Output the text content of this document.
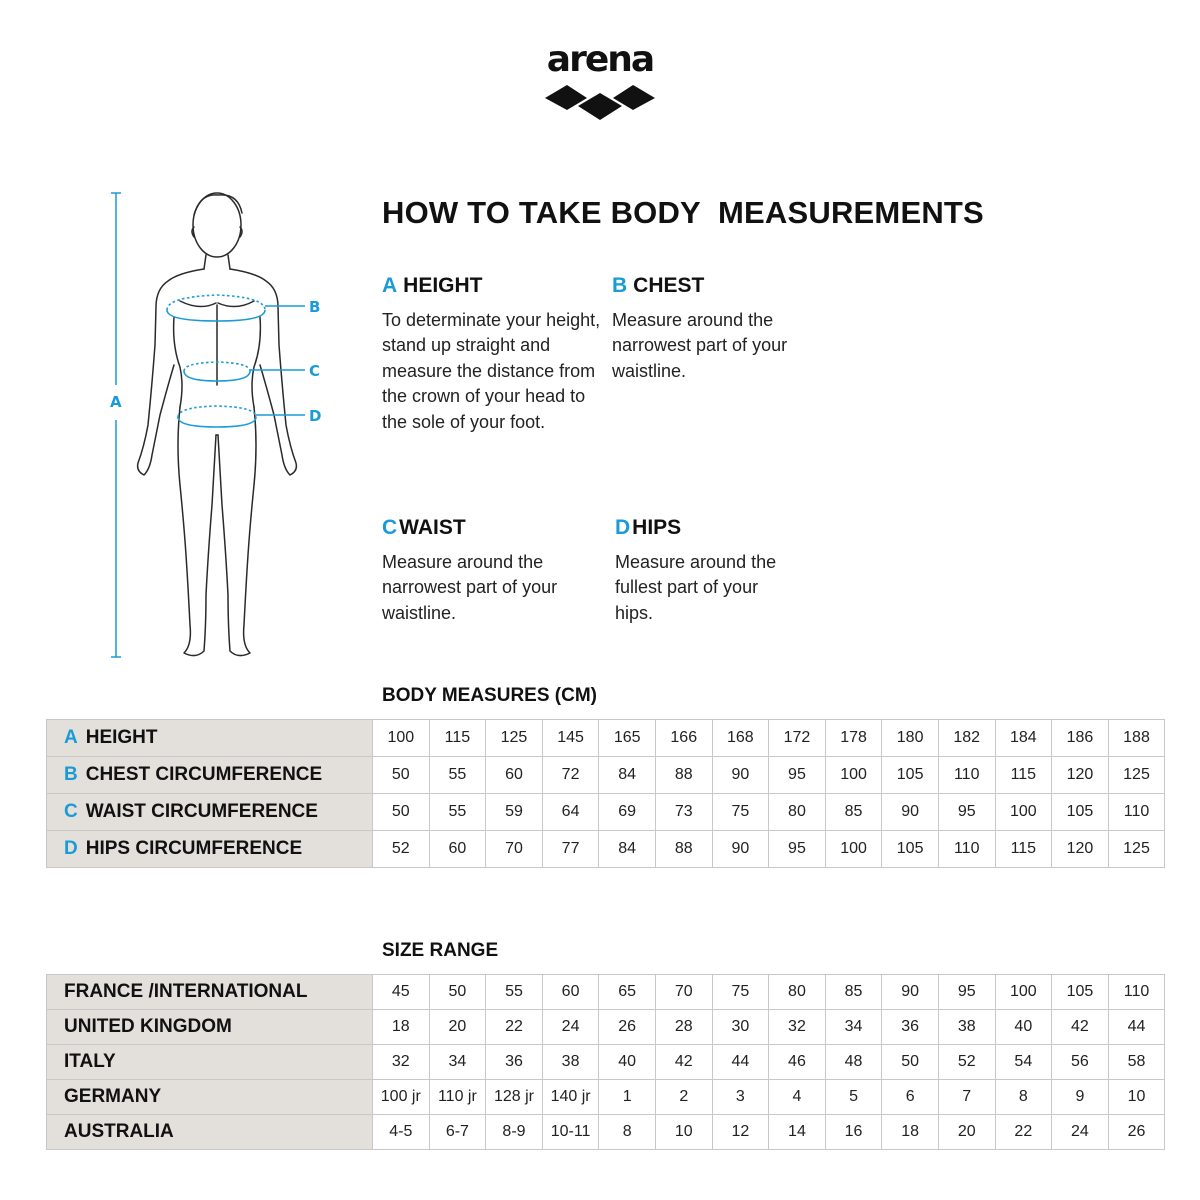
arena
A
B
C
D
HOW TO TAKE BODY  MEASUREMENTS
A HEIGHT
To determinate your height, stand up straight and measure the distance from the crown of your head to the sole of your foot.
B CHEST
Measure around the narrowest part of your waistline.
CWAIST
Measure around the narrowest part of your waistline.
DHIPS
Measure around the fullest part of your hips.
BODY MEASURES (CM)
A HEIGHT	100	115	125	145	165	166	168	172	178	180	182	184	186	188
B CHEST CIRCUMFERENCE	50	55	60	72	84	88	90	95	100	105	110	115	120	125
C WAIST CIRCUMFERENCE	50	55	59	64	69	73	75	80	85	90	95	100	105	110
D HIPS CIRCUMFERENCE	52	60	70	77	84	88	90	95	100	105	110	115	120	125
SIZE RANGE
FRANCE /INTERNATIONAL	45	50	55	60	65	70	75	80	85	90	95	100	105	110
UNITED KINGDOM	18	20	22	24	26	28	30	32	34	36	38	40	42	44
ITALY	32	34	36	38	40	42	44	46	48	50	52	54	56	58
GERMANY	100 jr	110 jr	128 jr	140 jr	1	2	3	4	5	6	7	8	9	10
AUSTRALIA	4-5	6-7	8-9	10-11	8	10	12	14	16	18	20	22	24	26
